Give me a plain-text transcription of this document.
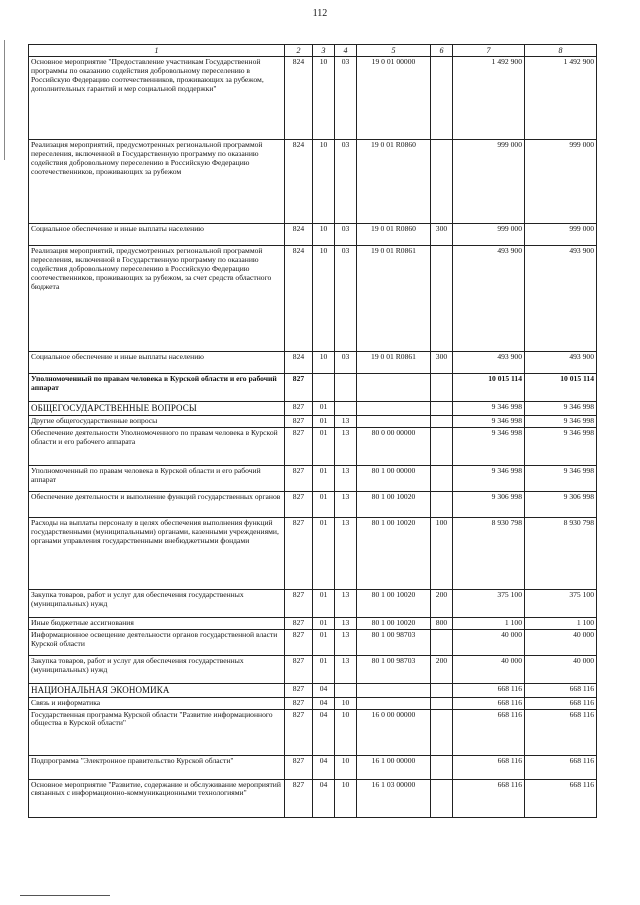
112
1	2	3	4	5	6	7	8
Основное мероприятие "Предоставление участникам Государственной программы по оказанию содействия добровольному переселению в Российскую Федерацию соотечественников, проживающих за рубежом, дополнительных гарантий и мер социальной поддержки"	824	10	03	19 0 01 00000		1 492 900	1 492 900
Реализация мероприятий, предусмотренных региональной программой переселения, включенной в Государственную программу по оказанию содействия добровольному переселению в Российскую Федерацию соотечественников, проживающих за рубежом	824	10	03	19 0 01 R0860		999 000	999 000
Социальное обеспечение и иные выплаты населению	824	10	03	19 0 01 R0860	300	999 000	999 000
Реализация мероприятий, предусмотренных региональной программой переселения, включенной в Государственную программу по оказанию содействия добровольному переселению в Российскую Федерацию соотечественников, проживающих за рубежом, за счет средств областного бюджета	824	10	03	19 0 01 R0861		493 900	493 900
Социальное обеспечение и иные выплаты населению	824	10	03	19 0 01 R0861	300	493 900	493 900
Уполномоченный по правам человека в Курской области и его рабочий аппарат	827					10 015 114	10 015 114
ОБЩЕГОСУДАРСТВЕННЫЕ ВОПРОСЫ	827	01				9 346 998	9 346 998
Другие общегосударственные вопросы	827	01	13			9 346 998	9 346 998
Обеспечение деятельности Уполномоченного по правам человека в Курской области и его рабочего аппарата	827	01	13	80 0 00 00000		9 346 998	9 346 998
Уполномоченный по правам человека в Курской области и его рабочий аппарат	827	01	13	80 1 00 00000		9 346 998	9 346 998
Обеспечение деятельности и выполнение функций государственных органов	827	01	13	80 1 00 10020		9 306 998	9 306 998
Расходы на выплаты персоналу в целях обеспечения выполнения функций государственными (муниципальными) органами, казенными учреждениями, органами управления государственными внебюджетными фондами	827	01	13	80 1 00 10020	100	8 930 798	8 930 798
Закупка товаров, работ и услуг для обеспечения государственных (муниципальных) нужд	827	01	13	80 1 00 10020	200	375 100	375 100
Иные бюджетные ассигнования	827	01	13	80 1 00 10020	800	1 100	1 100
Информационное освещение деятельности органов государственной власти Курской области	827	01	13	80 1 00 98703		40 000	40 000
Закупка товаров, работ и услуг для обеспечения государственных (муниципальных) нужд	827	01	13	80 1 00 98703	200	40 000	40 000
НАЦИОНАЛЬНАЯ ЭКОНОМИКА	827	04				668 116	668 116
Связь и информатика	827	04	10			668 116	668 116
Государственная программа Курской области "Развитие информационного общества в Курской области"	827	04	10	16 0 00 00000		668 116	668 116
Подпрограмма "Электронное правительство Курской области"	827	04	10	16 1 00 00000		668 116	668 116
Основное мероприятие "Развитие, содержание и обслуживание мероприятий связанных с информационно-коммуникационными технологиями"	827	04	10	16 1 03 00000		668 116	668 116
